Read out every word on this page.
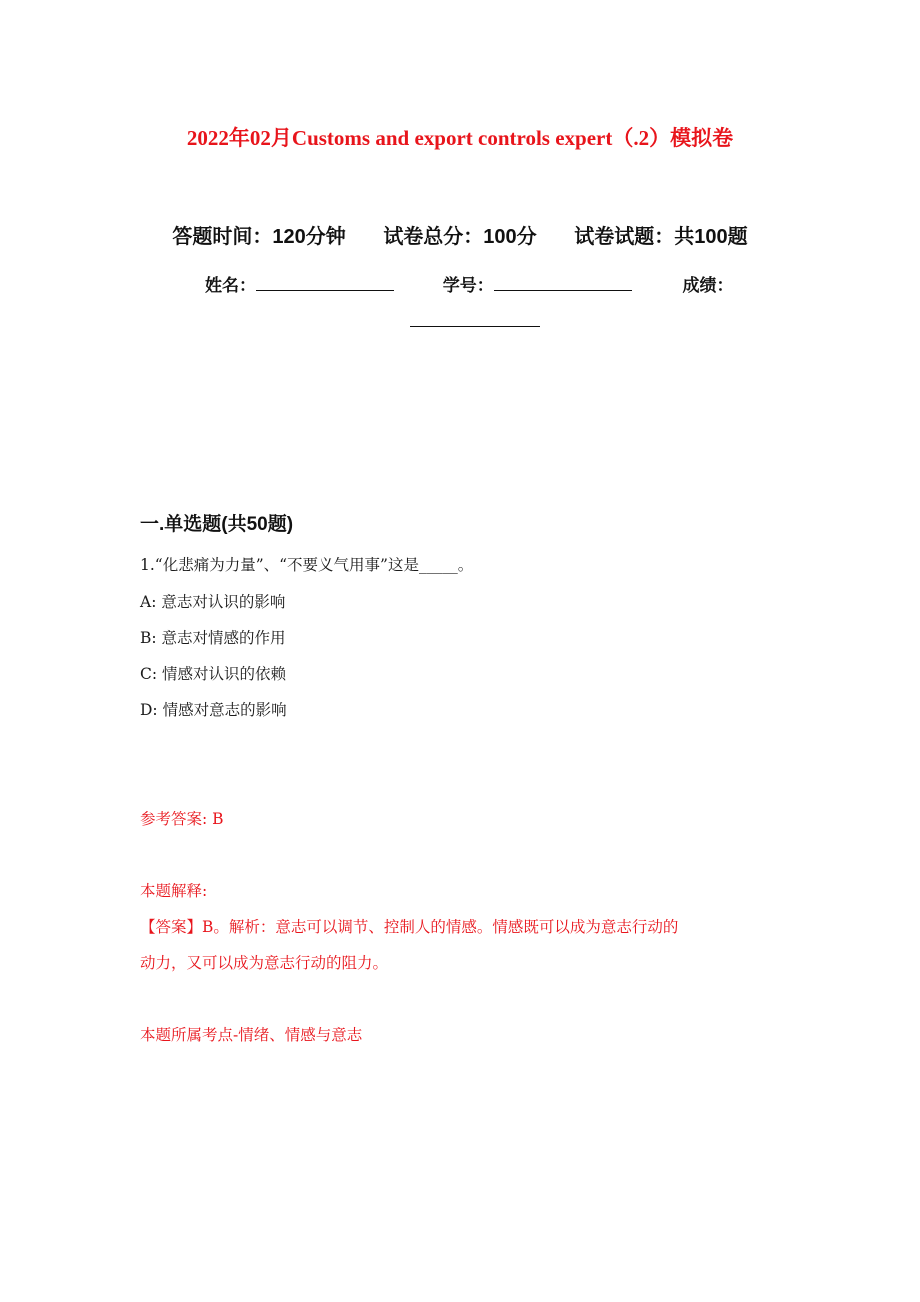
2022年02月Customs and export controls expert（.2）模拟卷
答题时间：120分钟 试卷总分：100分 试卷试题：共100题
姓名：	学号：	成绩：
一.单选题(共50题)
1.“化悲痛为力量”、“不要义气用事”这是_____。
A: 意志对认识的影响
B: 意志对情感的作用
C: 情感对认识的依赖
D: 情感对意志的影响
参考答案: B
本题解释:
【答案】B。解析：意志可以调节、控制人的情感。情感既可以成为意志行动的
动力，又可以成为意志行动的阻力。
本题所属考点-情绪、情感与意志
